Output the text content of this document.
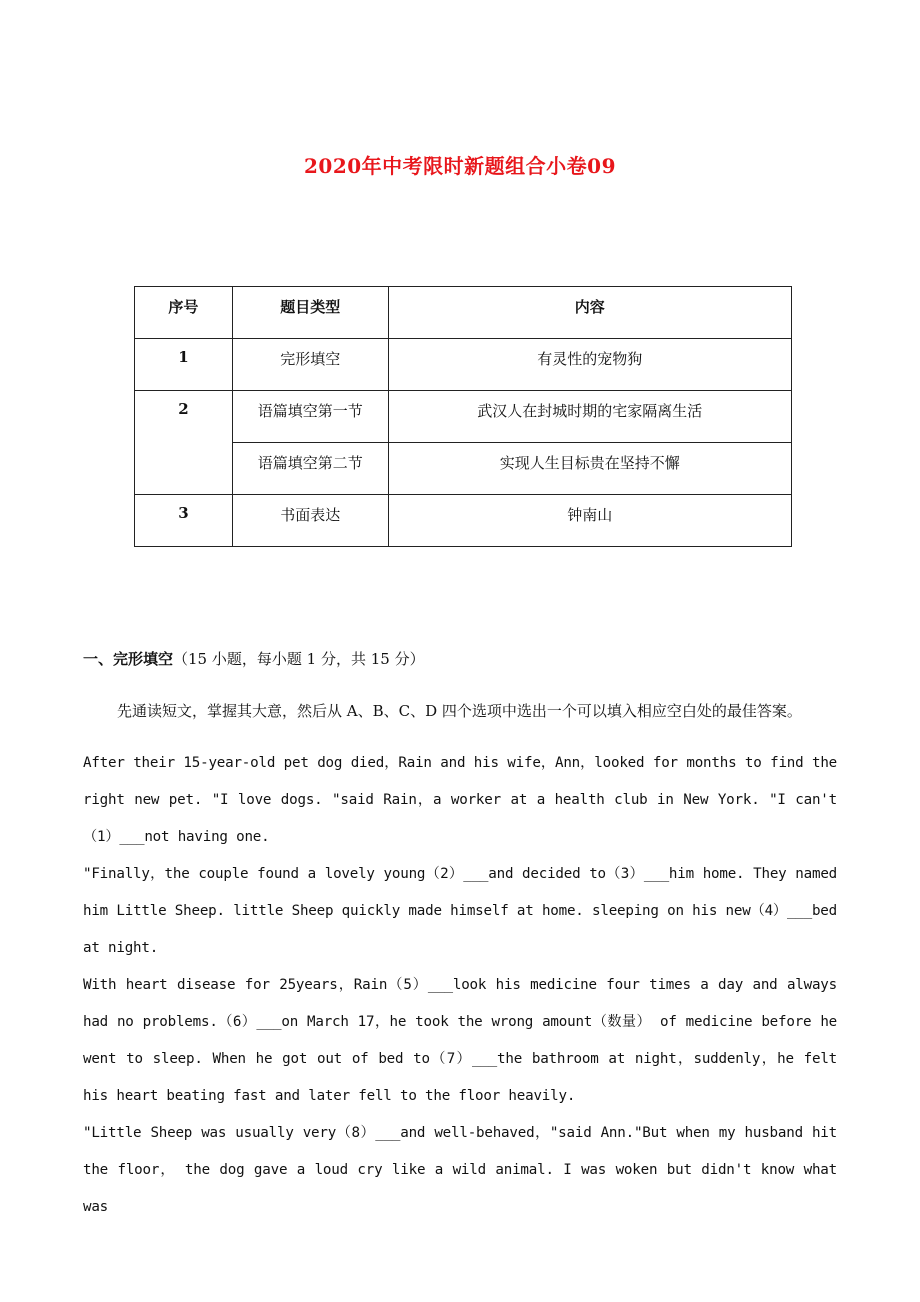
2020年中考限时新题组合小卷09
序号	题目类型	内容
1	完形填空	有灵性的宠物狗
2	语篇填空第一节	武汉人在封城时期的宅家隔离生活
	语篇填空第二节	实现人生目标贵在坚持不懈
3	书面表达	钟南山
一、完形填空（15 小题，每小题 1 分，共 15 分）
先通读短文，掌握其大意，然后从 A、B、C、D 四个选项中选出一个可以填入相应空白处的最佳答案。

After their 15-year-old pet dog died，Rain and his wife，Ann，looked for months to find the right new pet. "I love dogs. "said Rain，a worker at a health club in New York. "I can't（1）___not having one.

"Finally，the couple found a lovely young（2）___and decided to（3）___him home. They named him Little Sheep. little Sheep quickly made himself at home. sleeping on his new（4）___bed at night.

With heart disease for 25years，Rain（5）___look his medicine four times a day and always had no problems.（6）___on March 17，he took the wrong amount（数量） of medicine before he went to sleep. When he got out of bed to（7）___the bathroom at night，suddenly，he felt his heart beating fast and later fell to the floor heavily.

"Little Sheep was usually very（8）___and well-behaved，"said Ann."But when my husband hit the floor， the dog gave a loud cry like a wild animal. I was woken but didn't know what was
